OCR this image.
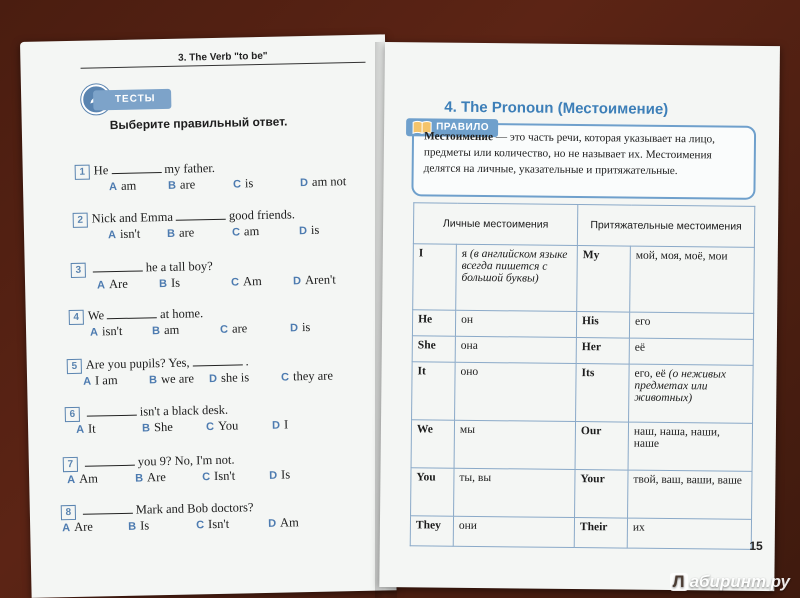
3. The Verb "to be"
ТЕСТЫ
Выберите правильный ответ.
1 He	my father.
A am	B are	C is	D am not
2 Nick and Emma	good friends.
A isn't B are	C am	D is
3	he a tall boy?
A Are	B Is	C Am	D Aren't
4 We	at home.
A isn't	B am	C are	D is
5 Are you pupils? Yes,	.
A I am	B we are D she is	C they are
6	isn't a black desk.
A It	B She	C You	D I
7	you 9? No, I'm not.
A Am	B Are	C Isn't	D Is
8	Mark and Bob doctors?
A Are	B Is	C Isn't	D Am
4. The Pronoun (Местоимение)
ПРАВИЛО
Местоимение — это часть речи, которая указывает на лицо, предметы или количество, но не называет их. Местоимения делятся на личные, указательные и притяжательные.
Личные местоимения		Притяжательные местоимения	
I	я (в английском языке всегда пишется с большой буквы)	My	мой, моя, моё, мои
He	он	His	его
She	она	Her	её
It	оно	Its	его, её (о неживых предметах или животных)
We	мы	Our	наш, наша, наши, наше
You	ты, вы	Your	твой, ваш, ваши, ваше
They	они	Their	их
15
Л абиринт.ру
